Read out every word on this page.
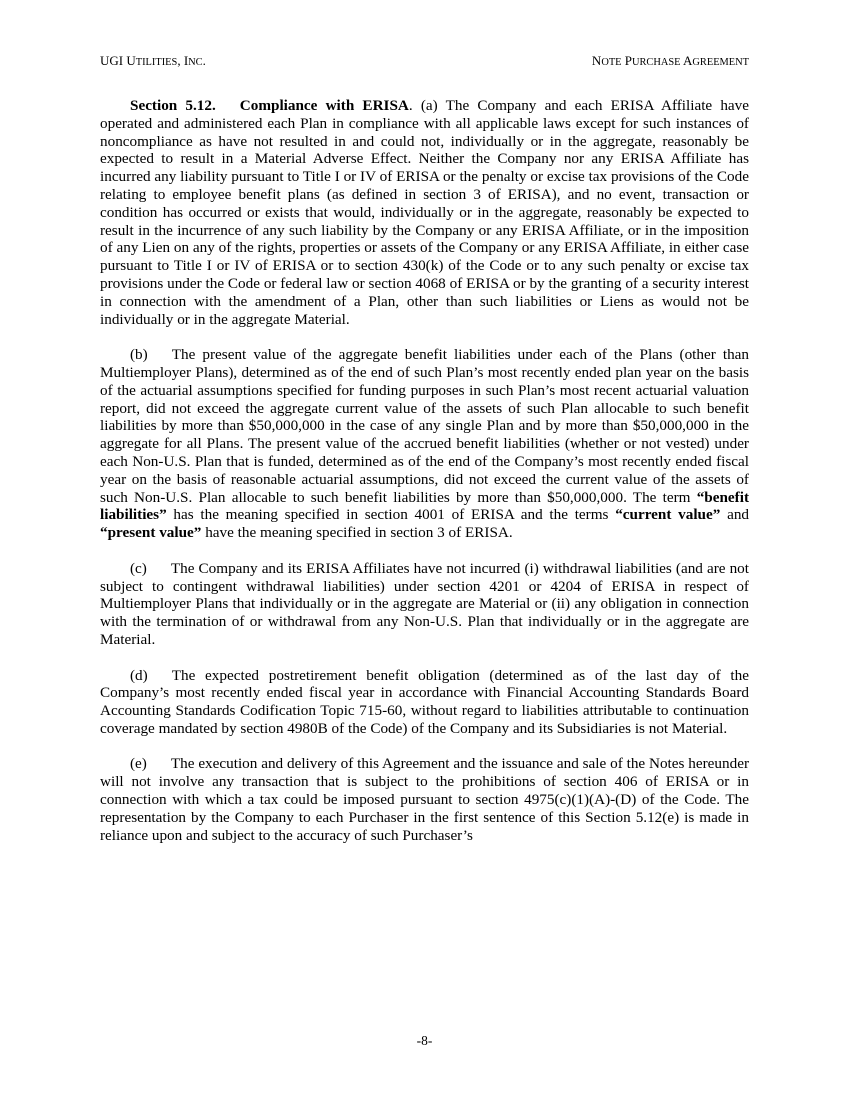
UGI UTILITIES, INC.	NOTE PURCHASE AGREEMENT

Section 5.12. Compliance with ERISA. (a) The Company and each ERISA Affiliate have operated and administered each Plan in compliance with all applicable laws except for such instances of noncompliance as have not resulted in and could not, individually or in the aggregate, reasonably be expected to result in a Material Adverse Effect. Neither the Company nor any ERISA Affiliate has incurred any liability pursuant to Title I or IV of ERISA or the penalty or excise tax provisions of the Code relating to employee benefit plans (as defined in section 3 of ERISA), and no event, transaction or condition has occurred or exists that would, individually or in the aggregate, reasonably be expected to result in the incurrence of any such liability by the Company or any ERISA Affiliate, or in the imposition of any Lien on any of the rights, properties or assets of the Company or any ERISA Affiliate, in either case pursuant to Title I or IV of ERISA or to section 430(k) of the Code or to any such penalty or excise tax provisions under the Code or federal law or section 4068 of ERISA or by the granting of a security interest in connection with the amendment of a Plan, other than such liabilities or Liens as would not be individually or in the aggregate Material.

(b) The present value of the aggregate benefit liabilities under each of the Plans (other than Multiemployer Plans), determined as of the end of such Plan’s most recently ended plan year on the basis of the actuarial assumptions specified for funding purposes in such Plan’s most recent actuarial valuation report, did not exceed the aggregate current value of the assets of such Plan allocable to such benefit liabilities by more than $50,000,000 in the case of any single Plan and by more than $50,000,000 in the aggregate for all Plans. The present value of the accrued benefit liabilities (whether or not vested) under each Non-U.S. Plan that is funded, determined as of the end of the Company’s most recently ended fiscal year on the basis of reasonable actuarial assumptions, did not exceed the current value of the assets of such Non-U.S. Plan allocable to such benefit liabilities by more than $50,000,000. The term “benefit liabilities” has the meaning specified in section 4001 of ERISA and the terms “current value” and “present value” have the meaning specified in section 3 of ERISA.

(c) The Company and its ERISA Affiliates have not incurred (i) withdrawal liabilities (and are not subject to contingent withdrawal liabilities) under section 4201 or 4204 of ERISA in respect of Multiemployer Plans that individually or in the aggregate are Material or (ii) any obligation in connection with the termination of or withdrawal from any Non-U.S. Plan that individually or in the aggregate are Material.

(d) The expected postretirement benefit obligation (determined as of the last day of the Company’s most recently ended fiscal year in accordance with Financial Accounting Standards Board Accounting Standards Codification Topic 715-60, without regard to liabilities attributable to continuation coverage mandated by section 4980B of the Code) of the Company and its Subsidiaries is not Material.

(e) The execution and delivery of this Agreement and the issuance and sale of the Notes hereunder will not involve any transaction that is subject to the prohibitions of section 406 of ERISA or in connection with which a tax could be imposed pursuant to section 4975(c)(1)(A)-(D) of the Code. The representation by the Company to each Purchaser in the first sentence of this Section 5.12(e) is made in reliance upon and subject to the accuracy of such Purchaser’s

-8-
